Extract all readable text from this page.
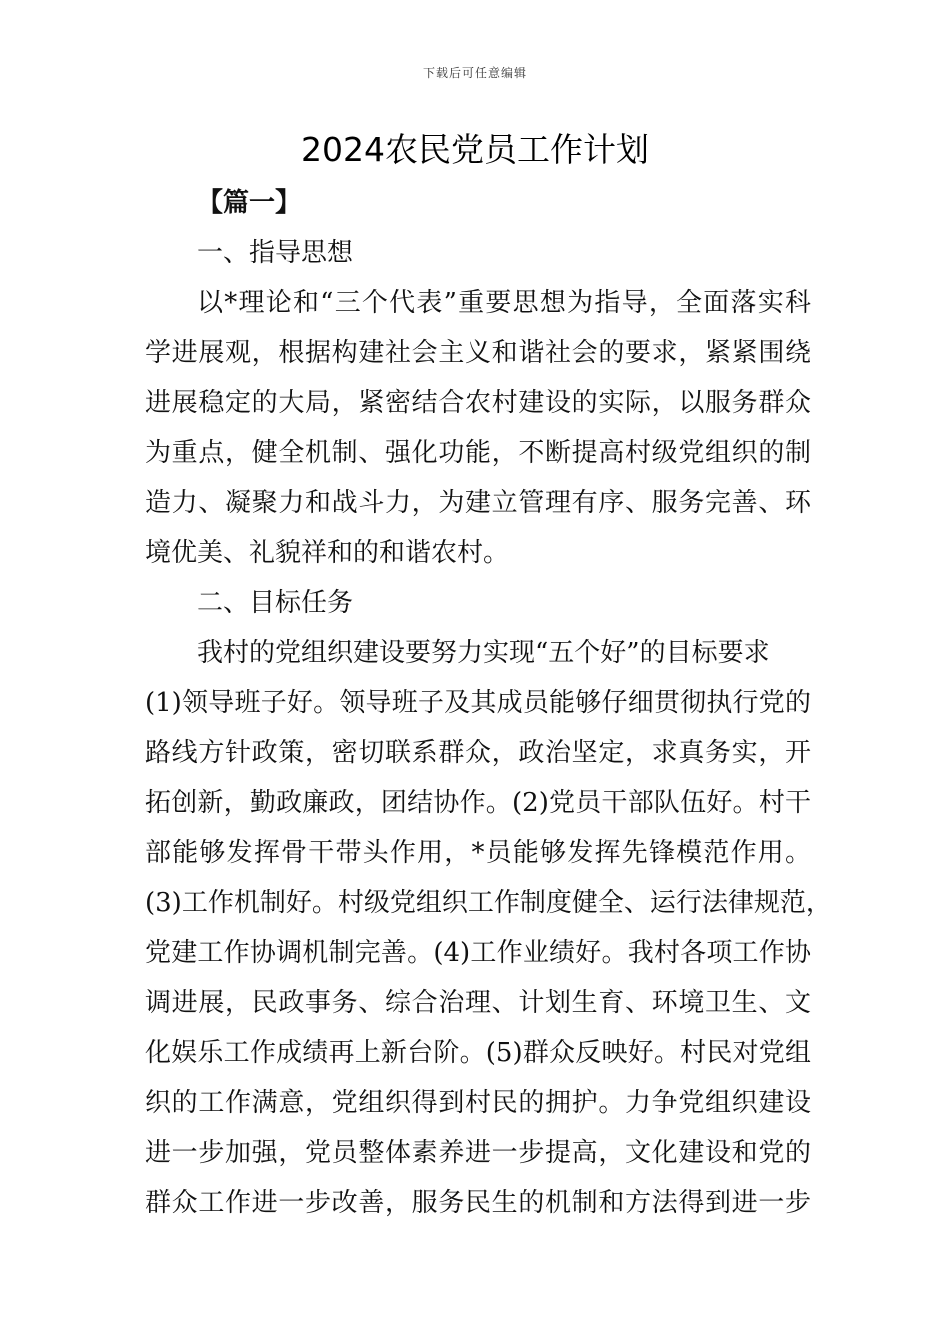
下载后可任意编辑
2024农民党员工作计划

【篇一】

一、指导思想

以*理论和“三个代表”重要思想为指导，全面落实科
学进展观，根据构建社会主义和谐社会的要求，紧紧围绕
进展稳定的大局，紧密结合农村建设的实际，以服务群众
为重点，健全机制、强化功能，不断提高村级党组织的制
造力、凝聚力和战斗力，为建立管理有序、服务完善、环
境优美、礼貌祥和的和谐农村。

二、目标任务

我村的党组织建设要努力实现“五个好”的目标要求
(1)领导班子好。领导班子及其成员能够仔细贯彻执行党的
路线方针政策，密切联系群众，政治坚定，求真务实，开
拓创新，勤政廉政，团结协作。(2)党员干部队伍好。村干
部能够发挥骨干带头作用，*员能够发挥先锋模范作用。
(3)工作机制好。村级党组织工作制度健全、运行法律规范，
党建工作协调机制完善。(4)工作业绩好。我村各项工作协
调进展，民政事务、综合治理、计划生育、环境卫生、文
化娱乐工作成绩再上新台阶。(5)群众反映好。村民对党组
织的工作满意，党组织得到村民的拥护。力争党组织建设
进一步加强，党员整体素养进一步提高，文化建设和党的
群众工作进一步改善，服务民生的机制和方法得到进一步
